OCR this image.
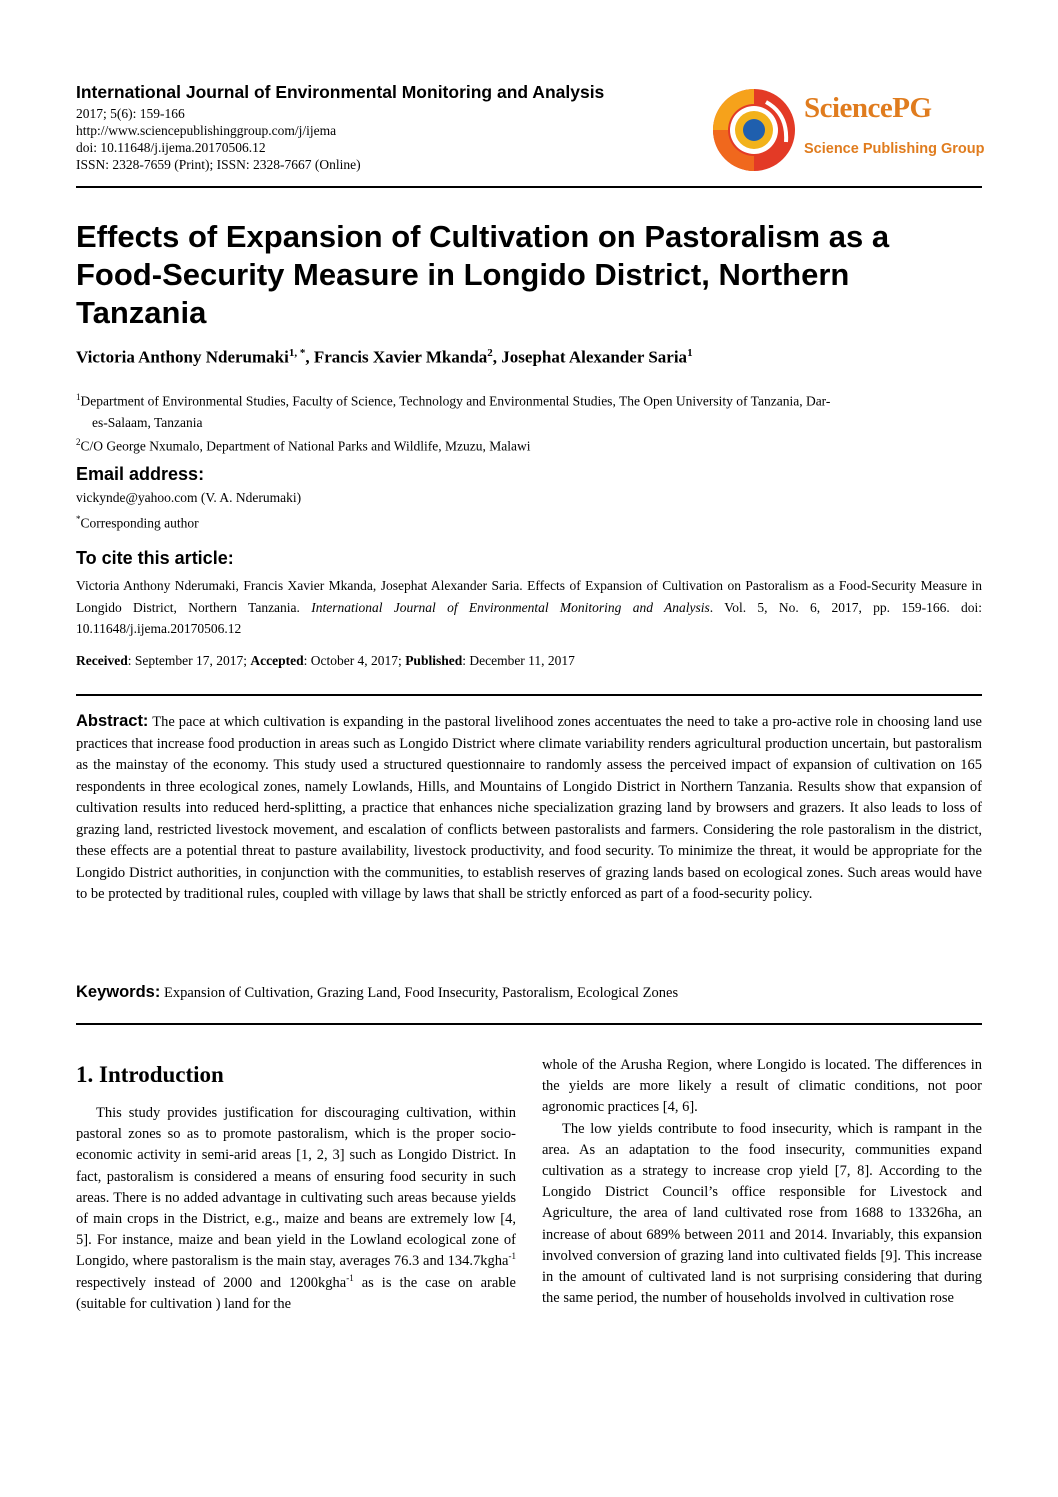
International Journal of Environmental Monitoring and Analysis
2017; 5(6): 159-166
http://www.sciencepublishinggroup.com/j/ijema
doi: 10.11648/j.ijema.20170506.12
ISSN: 2328-7659 (Print); ISSN: 2328-7667 (Online)
SciencePG
Science Publishing Group
Effects of Expansion of Cultivation on Pastoralism as a Food-Security Measure in Longido District, Northern Tanzania
Victoria Anthony Nderumaki$^{1, *}$, Francis Xavier Mkanda$^2$, Josephat Alexander Saria$^1$
$^1$Department of Environmental Studies, Faculty of Science, Technology and Environmental Studies, The Open University of Tanzania, Dar-
es-Salaam, Tanzania
$^2$C/O George Nxumalo, Department of National Parks and Wildlife, Mzuzu, Malawi
Email address:
vickynde@yahoo.com (V. A. Nderumaki)
*Corresponding author
To cite this article:
Victoria Anthony Nderumaki, Francis Xavier Mkanda, Josephat Alexander Saria. Effects of Expansion of Cultivation on Pastoralism as a Food-Security Measure in Longido District, Northern Tanzania. International Journal of Environmental Monitoring and Analysis. Vol. 5, No. 6, 2017, pp. 159-166. doi: 10.11648/j.ijema.20170506.12
Received: September 17, 2017; Accepted: October 4, 2017; Published: December 11, 2017
Abstract: The pace at which cultivation is expanding in the pastoral livelihood zones accentuates the need to take a pro-active role in choosing land use practices that increase food production in areas such as Longido District where climate variability renders agricultural production uncertain, but pastoralism as the mainstay of the economy. This study used a structured questionnaire to randomly assess the perceived impact of expansion of cultivation on 165 respondents in three ecological zones, namely Lowlands, Hills, and Mountains of Longido District in Northern Tanzania. Results show that expansion of cultivation results into reduced herd-splitting, a practice that enhances niche specialization grazing land by browsers and grazers. It also leads to loss of grazing land, restricted livestock movement, and escalation of conflicts between pastoralists and farmers. Considering the role pastoralism in the district, these effects are a potential threat to pasture availability, livestock productivity, and food security. To minimize the threat, it would be appropriate for the Longido District authorities, in conjunction with the communities, to establish reserves of grazing lands based on ecological zones. Such areas would have to be protected by traditional rules, coupled with village by laws that shall be strictly enforced as part of a food-security policy.
Keywords: Expansion of Cultivation, Grazing Land, Food Insecurity, Pastoralism, Ecological Zones
1. Introduction

This study provides justification for discouraging cultivation, within pastoral zones so as to promote pastoralism, which is the proper socio-economic activity in semi-arid areas [1, 2, 3] such as Longido District. In fact, pastoralism is considered a means of ensuring food security in such areas. There is no added advantage in cultivating such areas because yields of main crops in the District, e.g., maize and beans are extremely low [4, 5]. For instance, maize and bean yield in the Lowland ecological zone of Longido, where pastoralism is the main stay, averages 76.3 and 134.7kgha$^{-1}$ respectively instead of 2000 and 1200kgha$^{-1}$ as is the case on arable (suitable for cultivation ) land for the

whole of the Arusha Region, where Longido is located. The differences in the yields are more likely a result of climatic conditions, not poor agronomic practices [4, 6].

The low yields contribute to food insecurity, which is rampant in the area. As an adaptation to the food insecurity, communities expand cultivation as a strategy to increase crop yield [7, 8]. According to the Longido District Council’s office responsible for Livestock and Agriculture, the area of land cultivated rose from 1688 to 13326ha, an increase of about 689% between 2011 and 2014. Invariably, this expansion involved conversion of grazing land into cultivated fields [9]. This increase in the amount of cultivated land is not surprising considering that during the same period, the number of households involved in cultivation rose
